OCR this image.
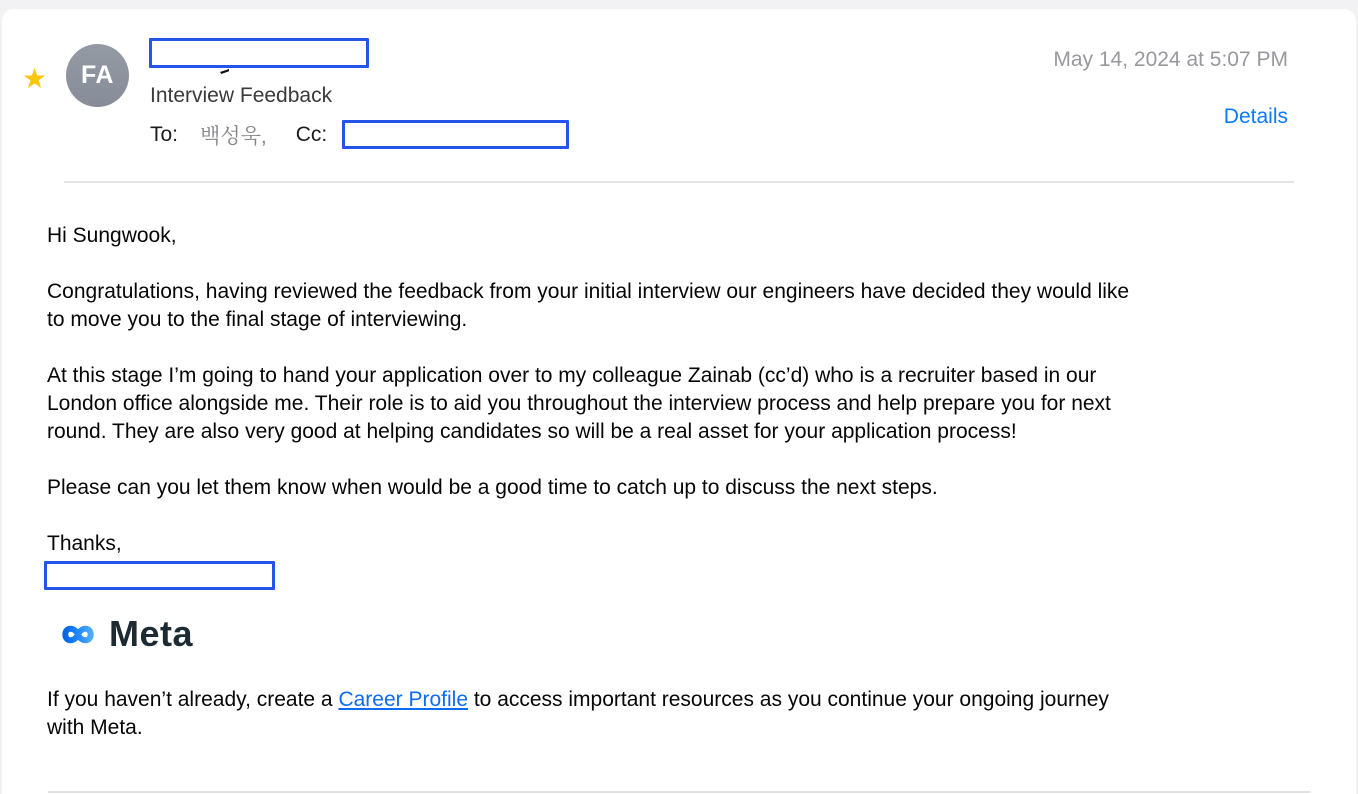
★ FA
Interview Feedback
To: 백성욱, Cc:
May 14, 2024 at 5:07 PM
Details
Hi Sungwook,
Congratulations, having reviewed the feedback from your initial interview our engineers have decided they would like
to move you to the final stage of interviewing.
At this stage I’m going to hand your application over to my colleague Zainab (cc’d) who is a recruiter based in our
London office alongside me. Their role is to aid you throughout the interview process and help prepare you for next
round. They are also very good at helping candidates so will be a real asset for your application process!
Please can you let them know when would be a good time to catch up to discuss the next steps.
Thanks,
Meta
If you haven’t already, create a Career Profile to access important resources as you continue your ongoing journey
with Meta.
